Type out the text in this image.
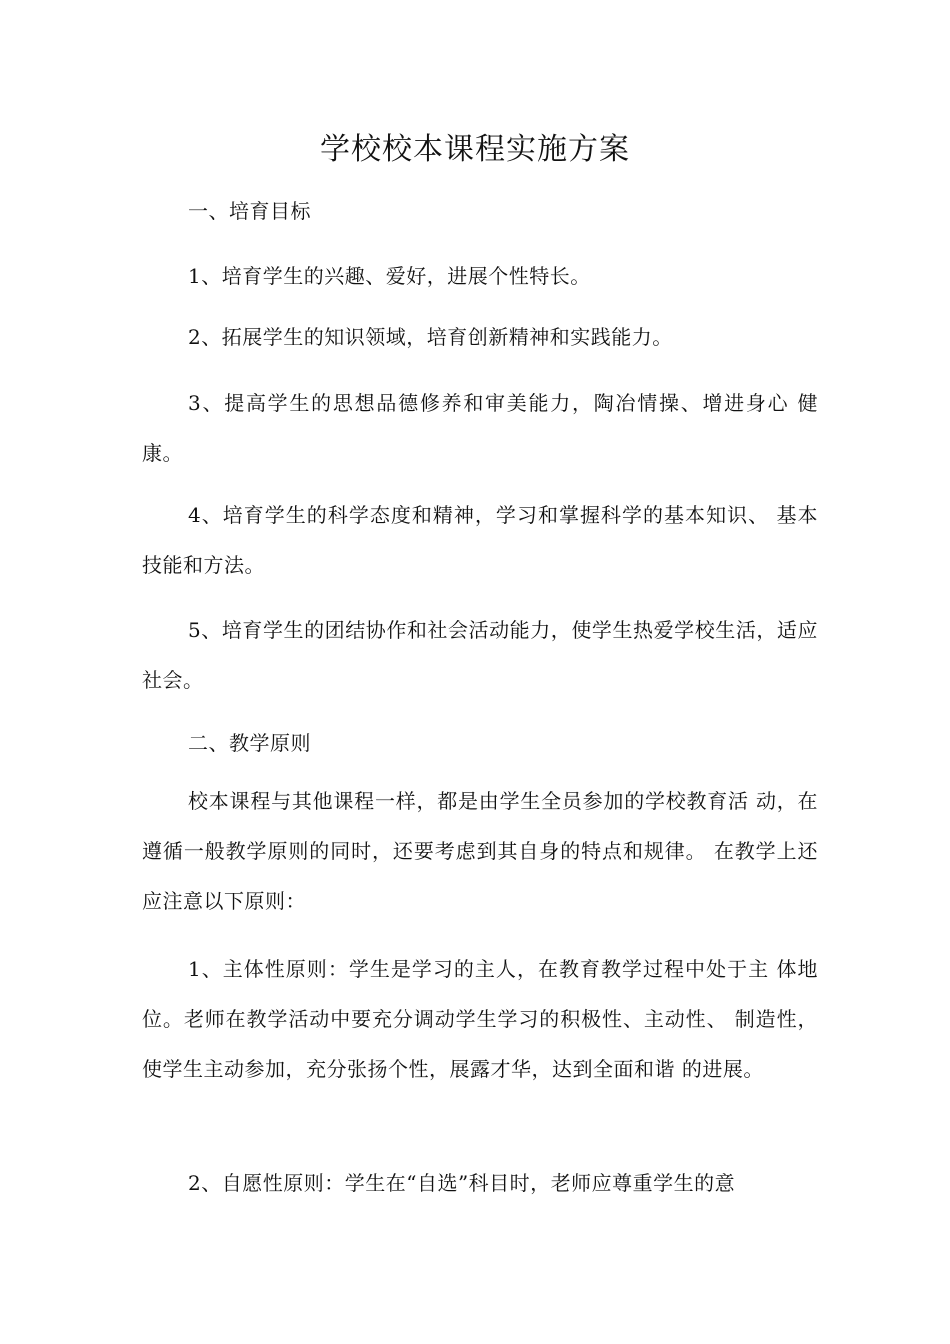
学校校本课程实施方案
一、培育目标
1、培育学生的兴趣、爱好，进展个性特长。
2、拓展学生的知识领域，培育创新精神和实践能力。
3、提高学生的思想品德修养和审美能力，陶冶情操、增进身心 健康。
4、培育学生的科学态度和精神，学习和掌握科学的基本知识、 基本技能和方法。
5、培育学生的团结协作和社会活动能力，使学生热爱学校生活，适应社会。
二、教学原则
校本课程与其他课程一样，都是由学生全员参加的学校教育活 动，在遵循一般教学原则的同时，还要考虑到其自身的特点和规律。 在教学上还应注意以下原则：
1、主体性原则：学生是学习的主人，在教育教学过程中处于主 体地位。老师在教学活动中要充分调动学生学习的积极性、主动性、 制造性，使学生主动参加，充分张扬个性，展露才华，达到全面和谐 的进展。
2、自愿性原则：学生在“自选”科目时，老师应尊重学生的意
